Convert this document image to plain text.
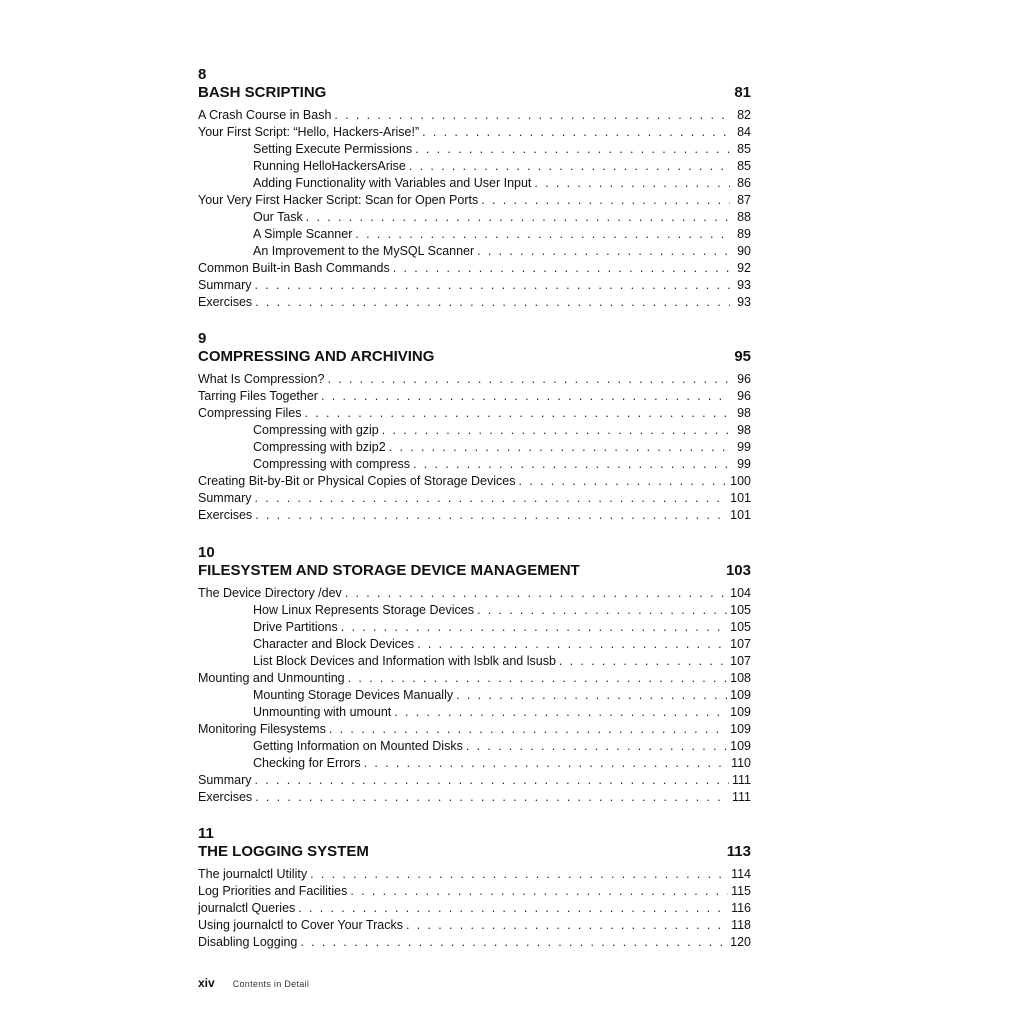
8
BASH SCRIPTING	81
A Crash Course in Bash . . .	82
Your First Script: “Hello, Hackers-Arise!” . . .	84
Setting Execute Permissions . . .	85
Running HelloHackersArise . . .	85
Adding Functionality with Variables and User Input . . .	86
Your Very First Hacker Script: Scan for Open Ports . . .	87
Our Task . . .	88
A Simple Scanner . . .	89
An Improvement to the MySQL Scanner . . .	90
Common Built-in Bash Commands . . .	92
Summary . . .	93
Exercises . . .	93
9
COMPRESSING AND ARCHIVING	95
What Is Compression? . . .	96
Tarring Files Together . . .	96
Compressing Files . . .	98
Compressing with gzip . . .	98
Compressing with bzip2 . . .	99
Compressing with compress . . .	99
Creating Bit-by-Bit or Physical Copies of Storage Devices . . .	100
Summary . . .	101
Exercises . . .	101
10
FILESYSTEM AND STORAGE DEVICE MANAGEMENT	103
The Device Directory /dev . . .	104
How Linux Represents Storage Devices . . .	105
Drive Partitions . . .	105
Character and Block Devices . . .	107
List Block Devices and Information with lsblk and lsusb . . .	107
Mounting and Unmounting . . .	108
Mounting Storage Devices Manually . . .	109
Unmounting with umount . . .	109
Monitoring Filesystems . . .	109
Getting Information on Mounted Disks . . .	109
Checking for Errors . . .	110
Summary . . .	111
Exercises . . .	111
11
THE LOGGING SYSTEM	113
The journalctl Utility . . .	114
Log Priorities and Facilities . . .	115
journalctl Queries . . .	116
Using journalctl to Cover Your Tracks . . .	118
Disabling Logging . . .	120
xiv Contents in Detail
